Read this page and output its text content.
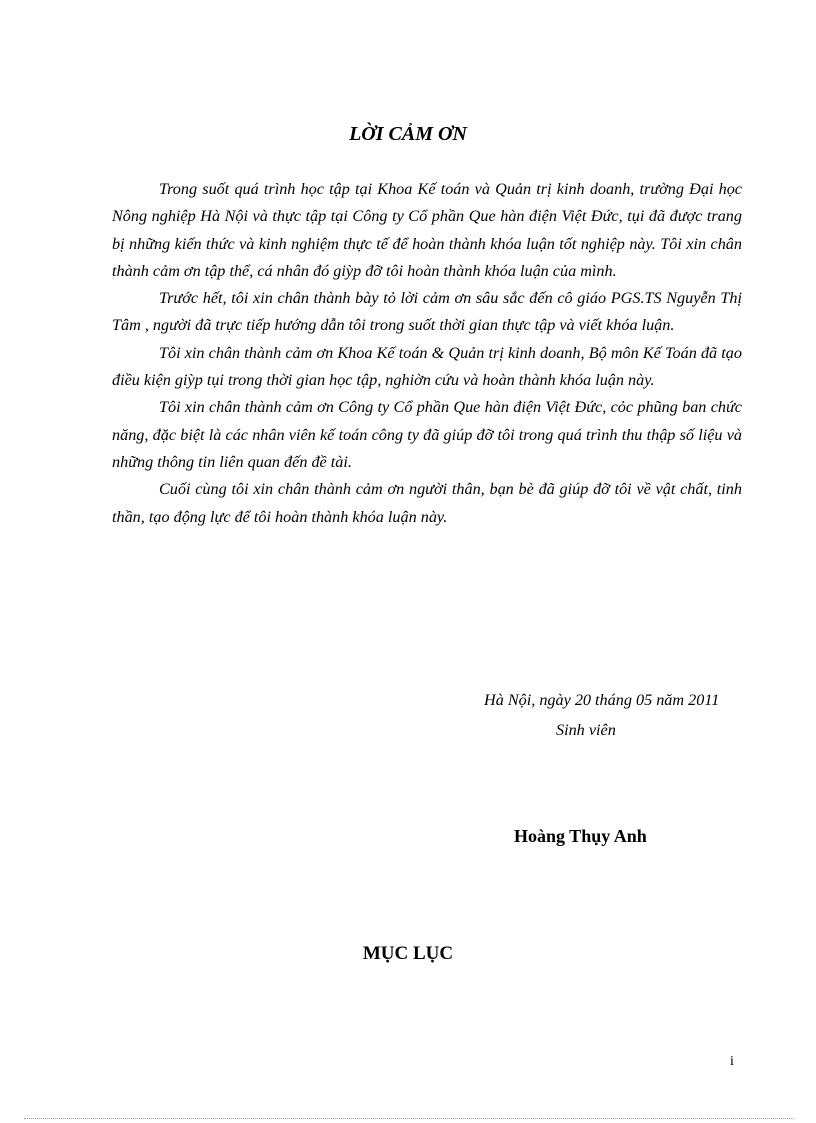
LỜI CẢM ƠN

Trong suốt quá trình học tập tại Khoa Kế toán và Quản trị kinh doanh, trường Đại học Nông nghiệp Hà Nội và thực tập tại Công ty Cổ phần Que hàn điện Việt Đức, tụi đã được trang bị những kiến thức và kinh nghiệm thực tế để hoàn thành khóa luận tốt nghiệp này. Tôi xin chân thành cảm ơn tập thể, cá nhân đó giỳp đỡ tôi hoàn thành khóa luận của mình.

Trước hết, tôi xin chân thành bày tỏ lời cảm ơn sâu sắc đến cô giáo PGS.TS Nguyễn Thị Tâm , người đã trực tiếp hướng dẫn tôi trong suốt thời gian thực tập và viết khóa luận.

Tôi xin chân thành cảm ơn Khoa Kế toán & Quản trị kinh doanh, Bộ môn Kế Toán đã tạo điều kiện giỳp tụi trong thời gian học tập, nghiờn cứu và hoàn thành khóa luận này.

Tôi xin chân thành cảm ơn Công ty Cổ phần Que hàn điện Việt Đức, cỏc phũng ban chức năng, đặc biệt là các nhân viên kế toán công ty đã giúp đỡ tôi trong quá trình thu thập số liệu và những thông tin liên quan đến đề tài.

Cuối cùng tôi xin chân thành cảm ơn người thân, bạn bè đã giúp đỡ tôi về vật chất, tinh thần, tạo động lực để tôi hoàn thành khóa luận này.

Hà Nội, ngày 20 tháng 05 năm 2011

Sinh viên

Hoàng Thụy Anh

MỤC LỤC

i
